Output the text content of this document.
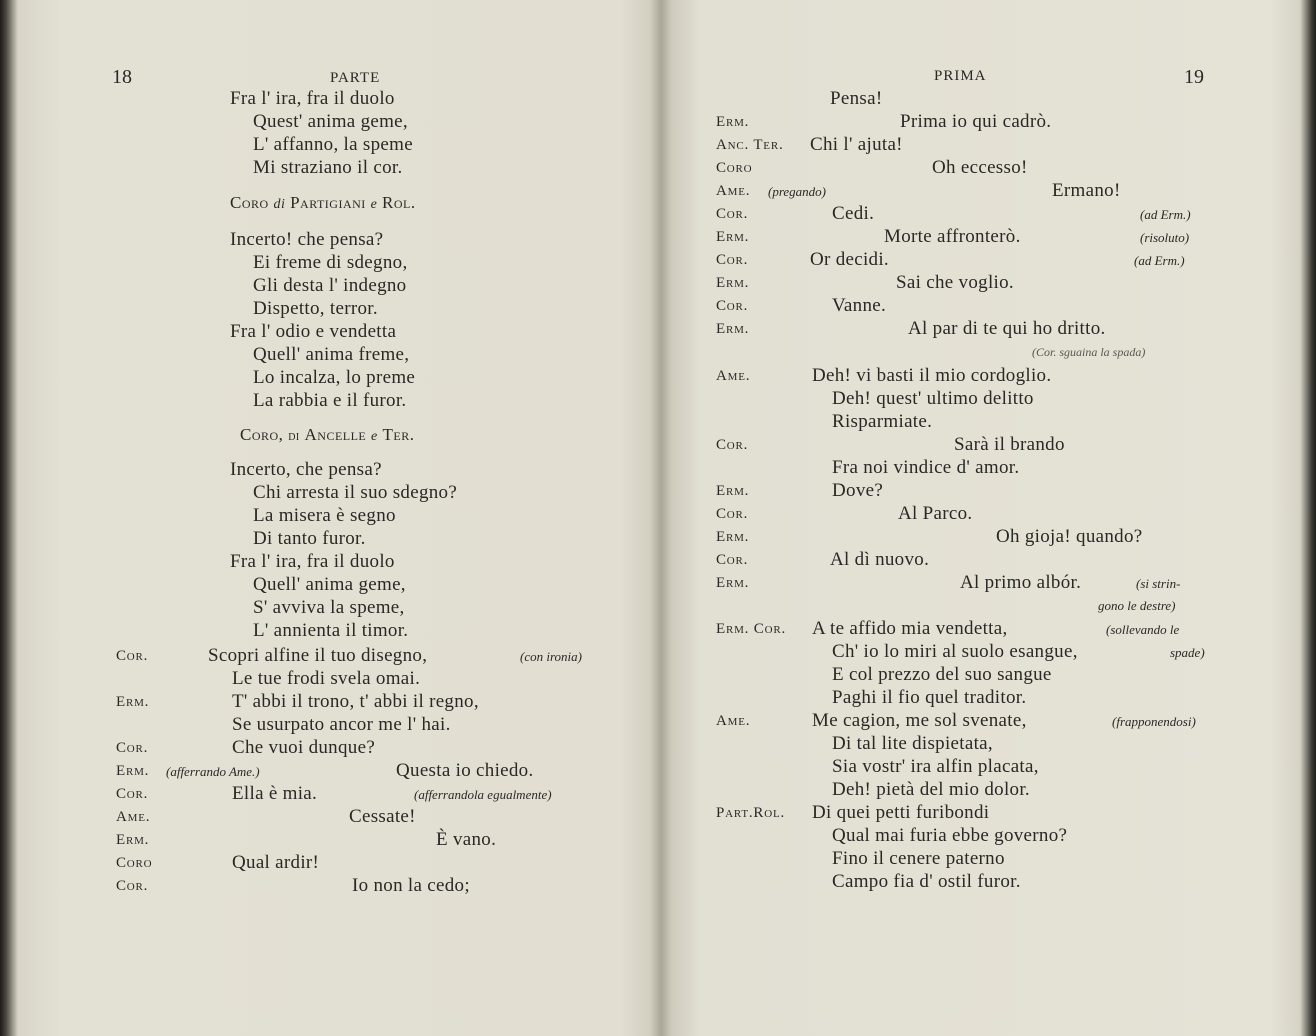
18	PARTE
Fra l' ira, fra il duolo
Quest' anima geme,
L' affanno, la speme
Mi straziano il cor.
Coro di Partigiani e Rol.
Incerto! che pensa?
Ei freme di sdegno,
Gli desta l' indegno
Dispetto, terror.
Fra l' odio e vendetta
Quell' anima freme,
Lo incalza, lo preme
La rabbia e il furor.
Coro, di Ancelle e Ter.
Incerto, che pensa?
Chi arresta il suo sdegno?
La misera è segno
Di tanto furor.
Fra l' ira, fra il duolo
Quell' anima geme,
S' avviva la speme,
L' annienta il timor.
Cor.	Scopri alfine il tuo disegno,	(con ironia)
Le tue frodi svela omai.
Erm.	T' abbi il trono, t' abbi il regno,
Se usurpato ancor me l' hai.
Cor.	Che vuoi dunque?
Erm. (afferrando Ame.)	Questa io chiedo.
Cor.	Ella è mia.	(afferrandola egualmente)
Ame.	Cessate!
Erm.	È vano.
Coro	Qual ardir!
Cor.	Io non la cedo;
PRIMA	19
Pensa!
Erm.	Prima io qui cadrò.
Anc. Ter. Chi l' ajuta!
Coro	Oh eccesso!
Ame. (pregando)	Ermano!
Cor.	Cedi.	(ad Erm.)
Erm.	Morte affronterò.	(risoluto)
Cor.	Or decidi.	(ad Erm.)
Erm.	Sai che voglio.
Cor.	Vanne.
Erm.	Al par di te qui ho dritto.
(Cor. sguaina la spada)
Ame.	Deh! vi basti il mio cordoglio.
Deh! quest' ultimo delitto
Risparmiate.
Cor.	Sarà il brando
Fra noi vindice d' amor.
Erm.	Dove?
Cor.	Al Parco.
Erm.	Oh gioja! quando?
Cor.	Al dì nuovo.
Erm.	Al primo albór.	(si strin-
gono le destre)
Erm. Cor. A te affido mia vendetta,	(sollevando le
Ch' io lo miri al suolo esangue,	spade)
E col prezzo del suo sangue
Paghi il fio quel traditor.
Ame.	Me cagion, me sol svenate,	(frapponendosi)
Di tal lite dispietata,
Sia vostr' ira alfin placata,
Deh! pietà del mio dolor.
Part.Rol. Di quei petti furibondi
Qual mai furia ebbe governo?
Fino il cenere paterno
Campo fia d' ostil furor.
